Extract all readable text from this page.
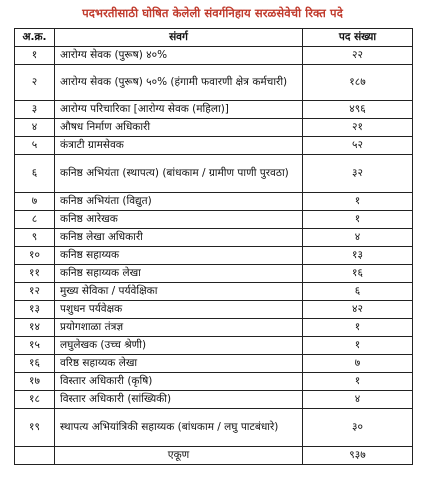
पदभरतीसाठी घोषित केलेली संवर्गनिहाय सरळसेवेची रिक्त पदे
अ.क्र.	संवर्ग	पद संख्या
१	आरोग्य सेवक (पुरूष) ४०%	२२
२	आरोग्य सेवक (पुरूष) ५०% (हंगामी फवारणी क्षेत्र कर्मचारी)	१८७
३	आरोग्य परिचारिका [आरोग्य सेवक (महिला)]	४९६
४	औषध निर्माण अधिकारी	२१
५	कंत्राटी ग्रामसेवक	५२
६	कनिष्ठ अभियंता (स्थापत्य) (बांधकाम / ग्रामीण पाणी पुरवठा)	३२
७	कनिष्ठ अभियंता (विद्युत)	१
८	कनिष्ठ आरेखक	१
९	कनिष्ठ लेखा अधिकारी	४
१०	कनिष्ठ सहाय्यक	१३
११	कनिष्ठ सहाय्यक लेखा	१६
१२	मुख्य सेविका / पर्यवेक्षिका	६
१३	पशुधन पर्यवेक्षक	४२
१४	प्रयोगशाळा तंत्रज्ञ	१
१५	लघुलेखक (उच्च श्रेणी)	१
१६	वरिष्ठ सहाय्यक लेखा	७
१७	विस्तार अधिकारी (कृषि)	१
१८	विस्तार अधिकारी (सांख्यिकी)	४
१९	स्थापत्य अभियांत्रिकी सहाय्यक (बांधकाम / लघु पाटबंधारे)	३०
	एकूण	९३७
